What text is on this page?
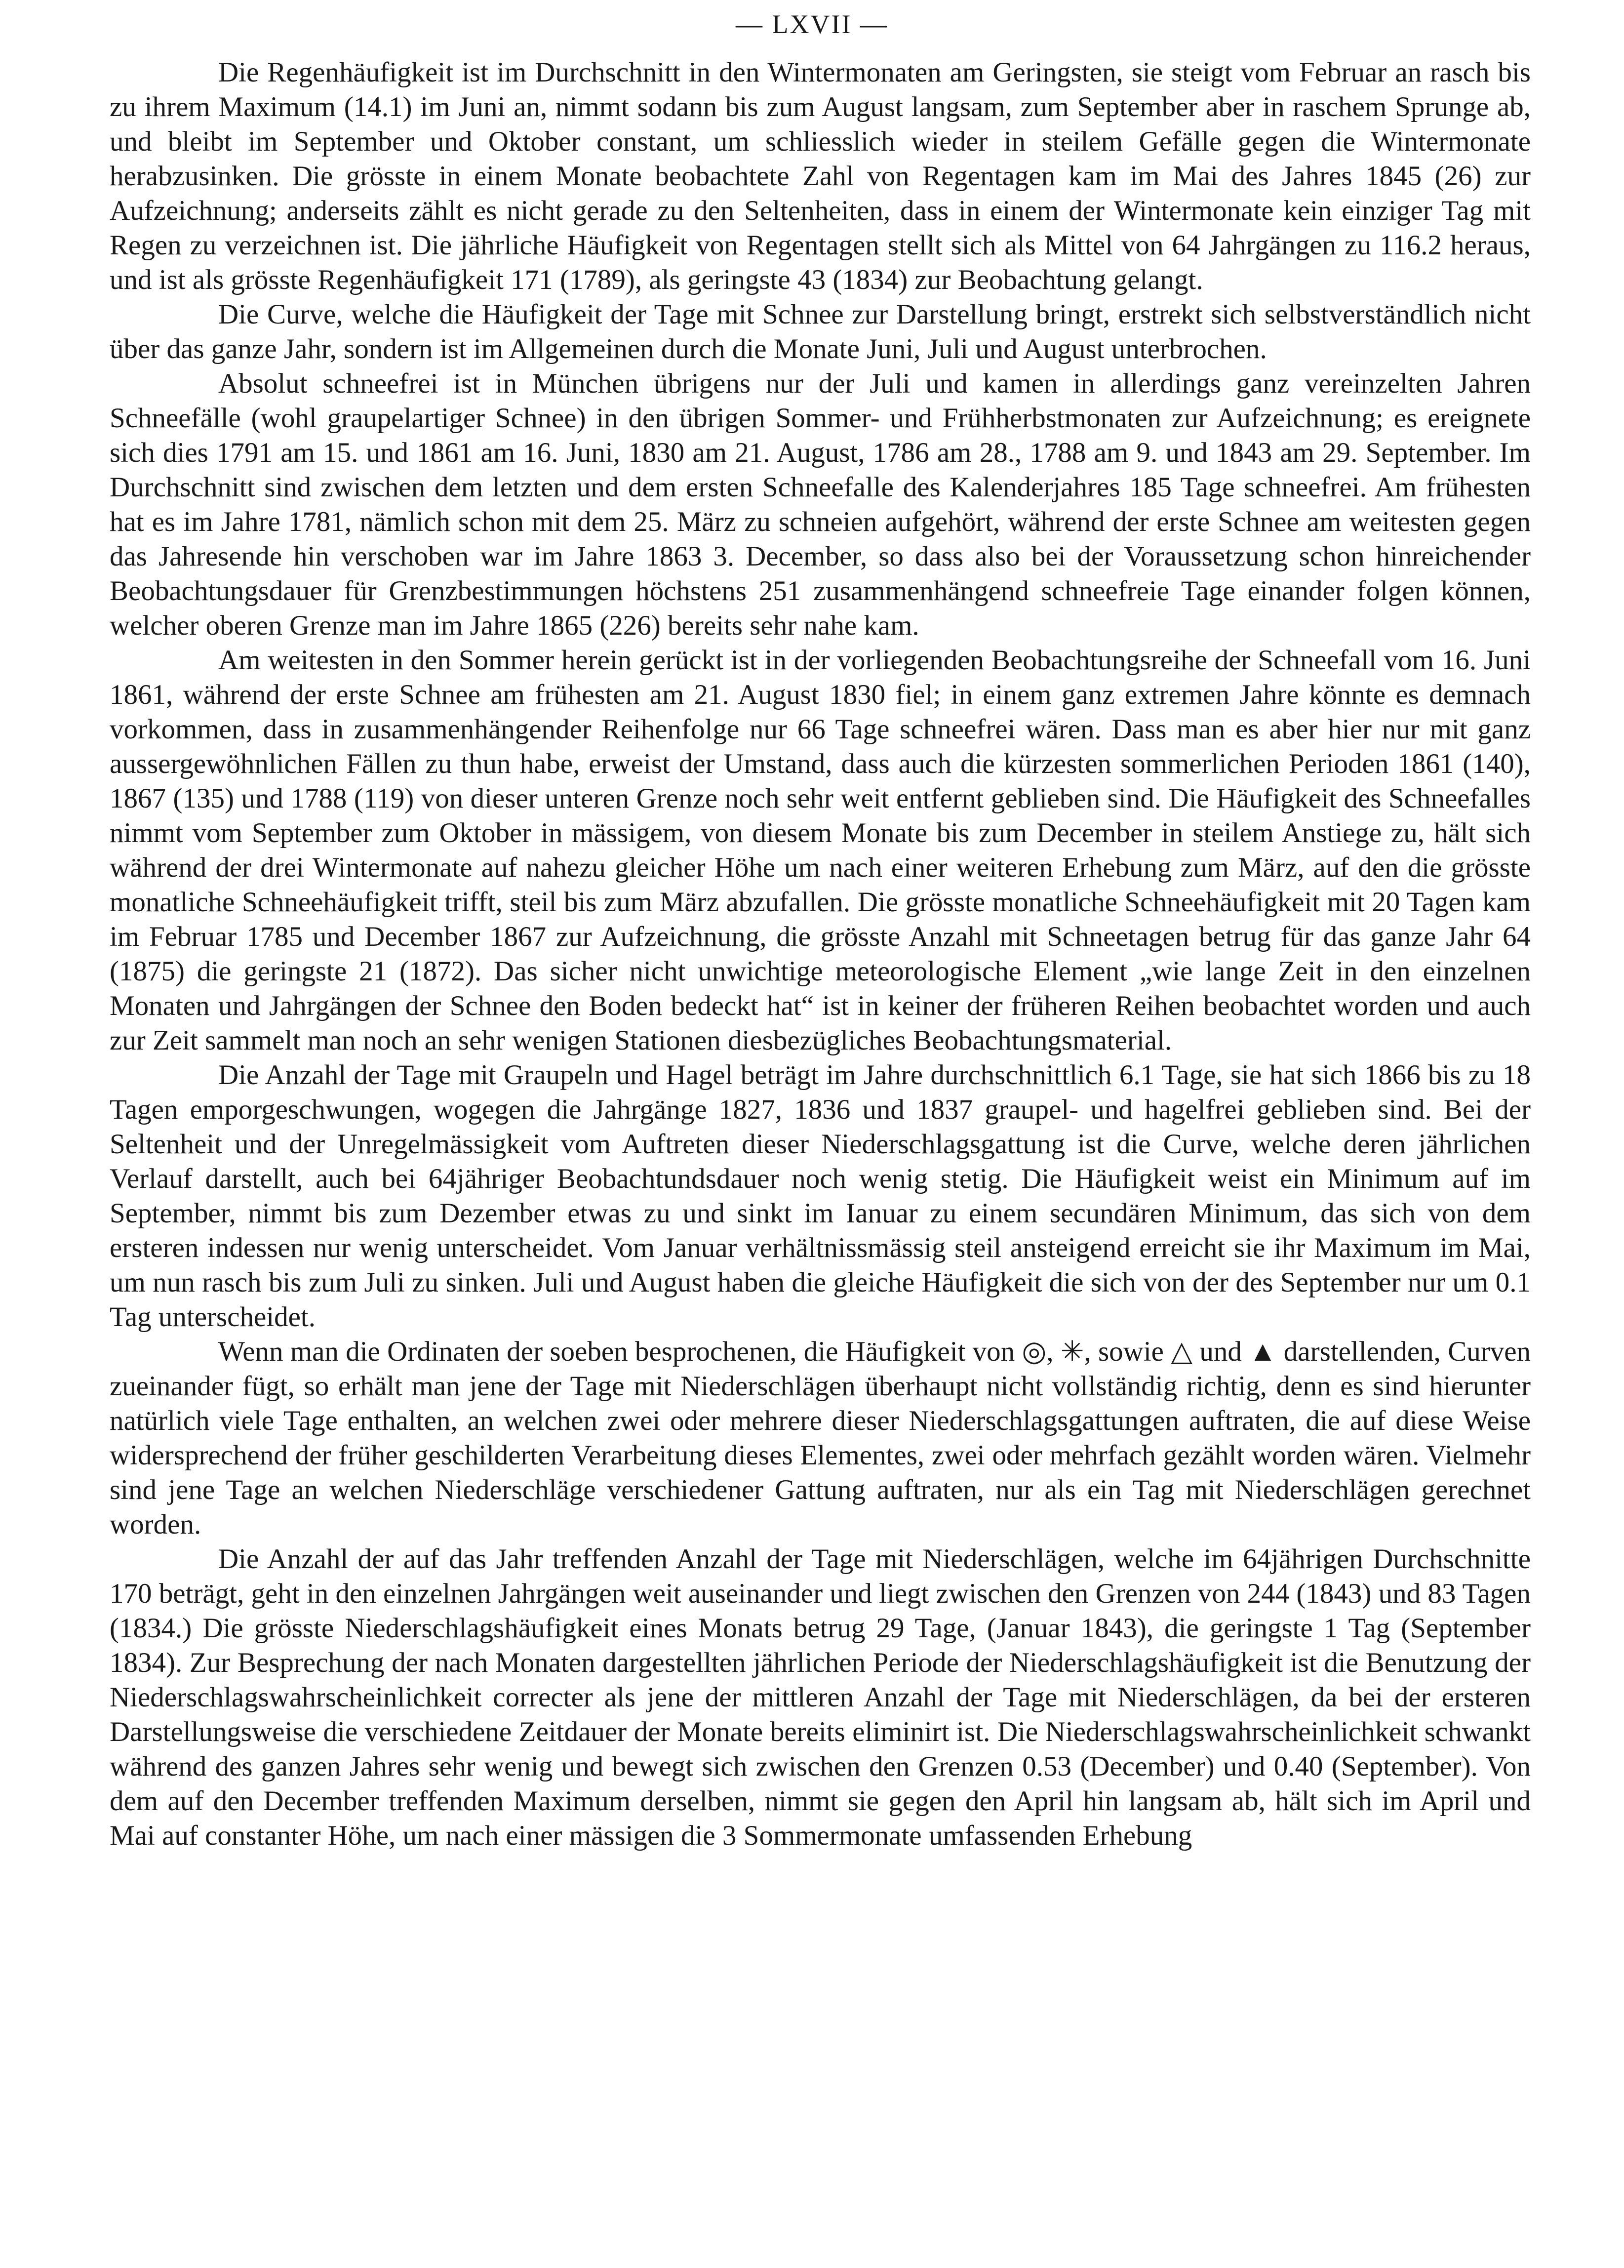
— LXVII —

Die Regenhäufigkeit ist im Durchschnitt in den Wintermonaten am Geringsten, sie steigt vom Februar an rasch bis zu ihrem Maximum (14.1) im Juni an, nimmt sodann bis zum August langsam, zum September aber in raschem Sprunge ab, und bleibt im September und Oktober constant, um schliesslich wieder in steilem Gefälle gegen die Wintermonate herabzusinken. Die grösste in einem Monate beobachtete Zahl von Regentagen kam im Mai des Jahres 1845 (26) zur Aufzeichnung; anderseits zählt es nicht gerade zu den Seltenheiten, dass in einem der Wintermonate kein einziger Tag mit Regen zu verzeichnen ist. Die jährliche Häufigkeit von Regentagen stellt sich als Mittel von 64 Jahrgängen zu 116.2 heraus, und ist als grösste Regenhäufigkeit 171 (1789), als geringste 43 (1834) zur Beobachtung gelangt.

Die Curve, welche die Häufigkeit der Tage mit Schnee zur Darstellung bringt, erstrekt sich selbstverständlich nicht über das ganze Jahr, sondern ist im Allgemeinen durch die Monate Juni, Juli und August unterbrochen.

Absolut schneefrei ist in München übrigens nur der Juli und kamen in allerdings ganz vereinzelten Jahren Schneefälle (wohl graupelartiger Schnee) in den übrigen Sommer- und Frühherbstmonaten zur Aufzeichnung; es ereignete sich dies 1791 am 15. und 1861 am 16. Juni, 1830 am 21. August, 1786 am 28., 1788 am 9. und 1843 am 29. September. Im Durchschnitt sind zwischen dem letzten und dem ersten Schneefalle des Kalenderjahres 185 Tage schneefrei. Am frühesten hat es im Jahre 1781, nämlich schon mit dem 25. März zu schneien aufgehört, während der erste Schnee am weitesten gegen das Jahresende hin verschoben war im Jahre 1863 3. December, so dass also bei der Voraussetzung schon hinreichender Beobachtungsdauer für Grenzbestimmungen höchstens 251 zusammenhängend schneefreie Tage einander folgen können, welcher oberen Grenze man im Jahre 1865 (226) bereits sehr nahe kam.

Am weitesten in den Sommer herein gerückt ist in der vorliegenden Beobachtungsreihe der Schneefall vom 16. Juni 1861, während der erste Schnee am frühesten am 21. August 1830 fiel; in einem ganz extremen Jahre könnte es demnach vorkommen, dass in zusammenhängender Reihenfolge nur 66 Tage schneefrei wären. Dass man es aber hier nur mit ganz aussergewöhnlichen Fällen zu thun habe, erweist der Umstand, dass auch die kürzesten sommerlichen Perioden 1861 (140), 1867 (135) und 1788 (119) von dieser unteren Grenze noch sehr weit entfernt geblieben sind. Die Häufigkeit des Schneefalles nimmt vom September zum Oktober in mässigem, von diesem Monate bis zum December in steilem Anstiege zu, hält sich während der drei Wintermonate auf nahezu gleicher Höhe um nach einer weiteren Erhebung zum März, auf den die grösste monatliche Schneehäufigkeit trifft, steil bis zum März abzufallen. Die grösste monatliche Schneehäufigkeit mit 20 Tagen kam im Februar 1785 und December 1867 zur Aufzeichnung, die grösste Anzahl mit Schneetagen betrug für das ganze Jahr 64 (1875) die geringste 21 (1872). Das sicher nicht unwichtige meteorologische Element „wie lange Zeit in den einzelnen Monaten und Jahrgängen der Schnee den Boden bedeckt hat“ ist in keiner der früheren Reihen beobachtet worden und auch zur Zeit sammelt man noch an sehr wenigen Stationen diesbezügliches Beobachtungsmaterial.

Die Anzahl der Tage mit Graupeln und Hagel beträgt im Jahre durchschnittlich 6.1 Tage, sie hat sich 1866 bis zu 18 Tagen emporgeschwungen, wogegen die Jahrgänge 1827, 1836 und 1837 graupel- und hagelfrei geblieben sind. Bei der Seltenheit und der Unregelmässigkeit vom Auftreten dieser Niederschlagsgattung ist die Curve, welche deren jährlichen Verlauf darstellt, auch bei 64jähriger Beobachtundsdauer noch wenig stetig. Die Häufigkeit weist ein Minimum auf im September, nimmt bis zum Dezember etwas zu und sinkt im Ianuar zu einem secundären Minimum, das sich von dem ersteren indessen nur wenig unterscheidet. Vom Januar verhältnissmässig steil ansteigend erreicht sie ihr Maximum im Mai, um nun rasch bis zum Juli zu sinken. Juli und August haben die gleiche Häufigkeit die sich von der des September nur um 0.1 Tag unterscheidet.

Wenn man die Ordinaten der soeben besprochenen, die Häufigkeit von ◎, ✳, sowie △ und ▲ darstellenden, Curven zueinander fügt, so erhält man jene der Tage mit Niederschlägen überhaupt nicht vollständig richtig, denn es sind hierunter natürlich viele Tage enthalten, an welchen zwei oder mehrere dieser Niederschlagsgattungen auftraten, die auf diese Weise widersprechend der früher geschilderten Verarbeitung dieses Elementes, zwei oder mehrfach gezählt worden wären. Vielmehr sind jene Tage an welchen Niederschläge verschiedener Gattung auftraten, nur als ein Tag mit Niederschlägen gerechnet worden.

Die Anzahl der auf das Jahr treffenden Anzahl der Tage mit Niederschlägen, welche im 64jährigen Durchschnitte 170 beträgt, geht in den einzelnen Jahrgängen weit auseinander und liegt zwischen den Grenzen von 244 (1843) und 83 Tagen (1834.) Die grösste Niederschlagshäufigkeit eines Monats betrug 29 Tage, (Januar 1843), die geringste 1 Tag (September 1834). Zur Besprechung der nach Monaten dargestellten jährlichen Periode der Niederschlagshäufigkeit ist die Benutzung der Niederschlagswahrscheinlichkeit correcter als jene der mittleren Anzahl der Tage mit Niederschlägen, da bei der ersteren Darstellungsweise die verschiedene Zeitdauer der Monate bereits eliminirt ist. Die Niederschlagswahrscheinlichkeit schwankt während des ganzen Jahres sehr wenig und bewegt sich zwischen den Grenzen 0.53 (December) und 0.40 (September). Von dem auf den December treffenden Maximum derselben, nimmt sie gegen den April hin langsam ab, hält sich im April und Mai auf constanter Höhe, um nach einer mässigen die 3 Sommermonate umfassenden Erhebung
